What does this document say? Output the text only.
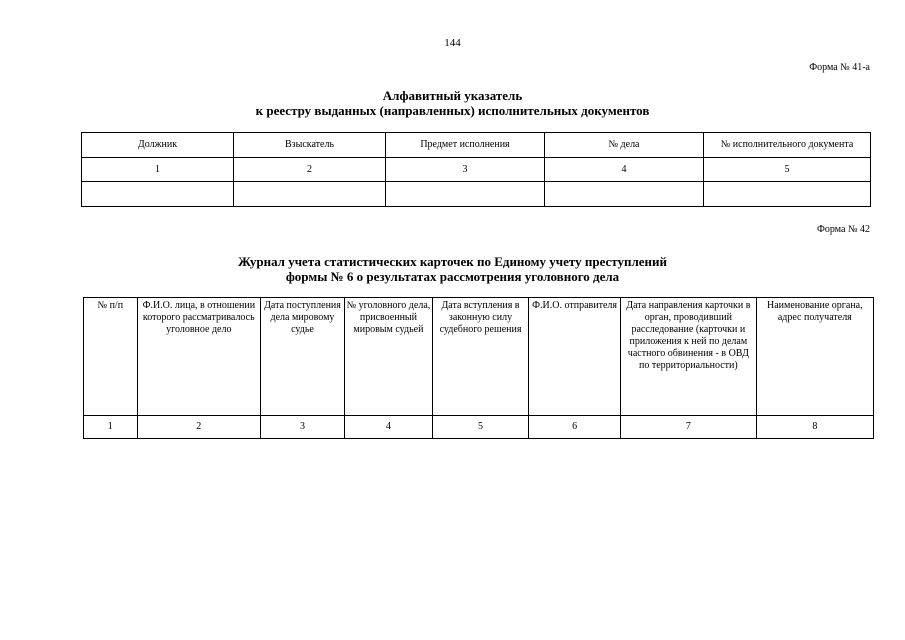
144
Форма № 41-а
Алфавитный указатель
к реестру выданных (направленных) исполнительных документов
Должник	Взыскатель	Предмет исполнения	№ дела	№ исполнительного документа
1	2	3	4	5

Форма № 42
Журнал учета статистических карточек по Единому учету преступлений
формы № 6 о результатах рассмотрения уголовного дела
№ п/п	Ф.И.О. лица, в отношении которого рассматривалось уголовное дело	Дата поступления дела мировому судье	№ уголовного дела, присвоенный мировым судьей	Дата вступления в законную силу судебного решения	Ф.И.О. отправителя	Дата направления карточки в орган, проводивший расследование (карточки и приложения к ней по делам частного обвинения - в ОВД по территориальности)	Наименование органа, адрес получателя
1	2	3	4	5	6	7	8
